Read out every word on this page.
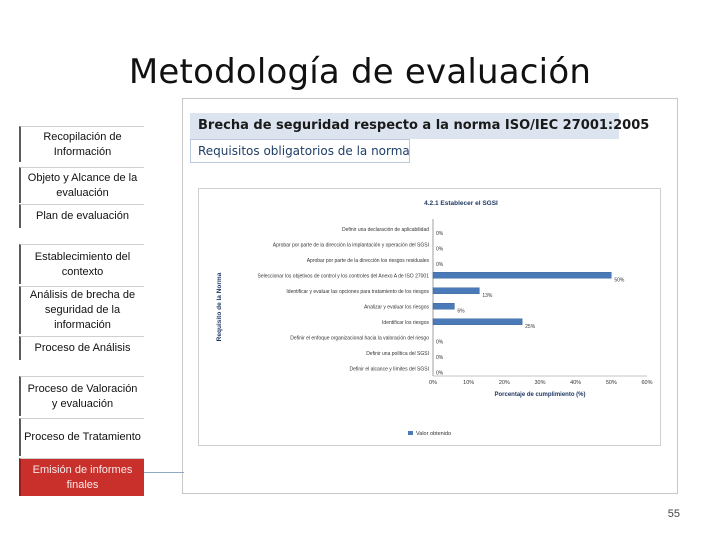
Metodología de evaluación
Recopilación de Información
Objeto y Alcance de la evaluación
Plan de evaluación
Establecimiento del contexto
Análisis de brecha de seguridad de la información
Proceso de Análisis
Proceso de Valoración y evaluación
Proceso de Tratamiento
Emisión de informes finales
Brecha de seguridad respecto a la norma ISO/IEC 27001:2005
Requisitos obligatorios de la norma
4.2.1 Establecer el SGSI
Requisito de la Norma
Definir una declaración de aplicabilidad
0%
Aprobar por parte de la dirección la implantación y operación del SGSI
0%
Aprobar por parte de la dirección los riesgos residuales
0%
Seleccionar los objetivos de control y los controles del Anexo A de ISO 27001
50%
Identificar y evaluar las opciones para tratamiento de los riesgos
13%
Analizar y evaluar los riesgos
6%
Identificar los riesgos
25%
Definir el enfoque organizacional hacia la valoración del riesgo
0%
Definir una política del SGSI
0%
Definir el alcance y límites del SGSI
0%
0%	10%	20%	30%	40%	50%	60%
Porcentaje de cumplimiento (%)
Valor obtenido
55
